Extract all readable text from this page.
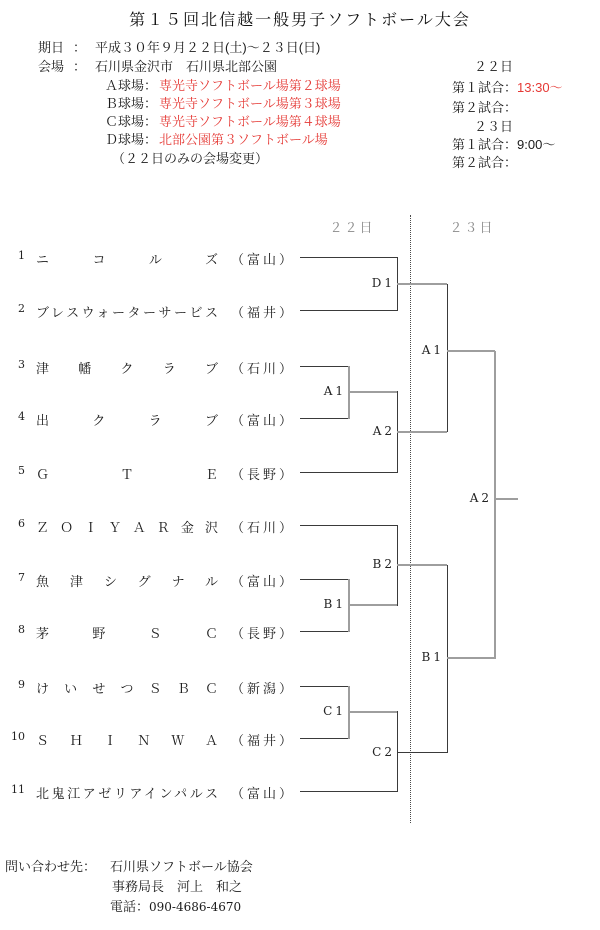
第１５回北信越一般男子ソフトボール大会
期日 ： 平成３０年９月２２日(土)～２３日(日)
会場 ： 石川県金沢市　石川県北部公園
Ａ球場： 専光寺ソフトボール場第２球場
Ｂ球場： 専光寺ソフトボール場第３球場
Ｃ球場： 専光寺ソフトボール場第４球場
Ｄ球場： 北部公園第３ソフトボール場
（２２日のみの会場変更）
２２日
第１試合：13:30～
第２試合：
２３日
第１試合：9:00～
第２試合：
２２日	２３日
1 ニコルズ （富山）
2 ブレスウォーターサービス （福井）
3 津幡クラブ （石川）
4 出クラブ （富山）
5 ＧＴＥ （長野）
6 ＺＯＩＹＡＲ金沢 （石川）
7 魚津シグナル （富山）
8 茅野ＳＣ （長野）
9 けいせつＳＢＣ （新潟）
10 ＳＨＩＮＷＡ （福井）
11 北鬼江アゼリアインパルス （富山）
D1
A1
A2
B2
B1
C1
C2
A1
B1
A2
問い合わせ先： 石川県ソフトボール協会
事務局長 河上　和之
電話：090-4686-4670
